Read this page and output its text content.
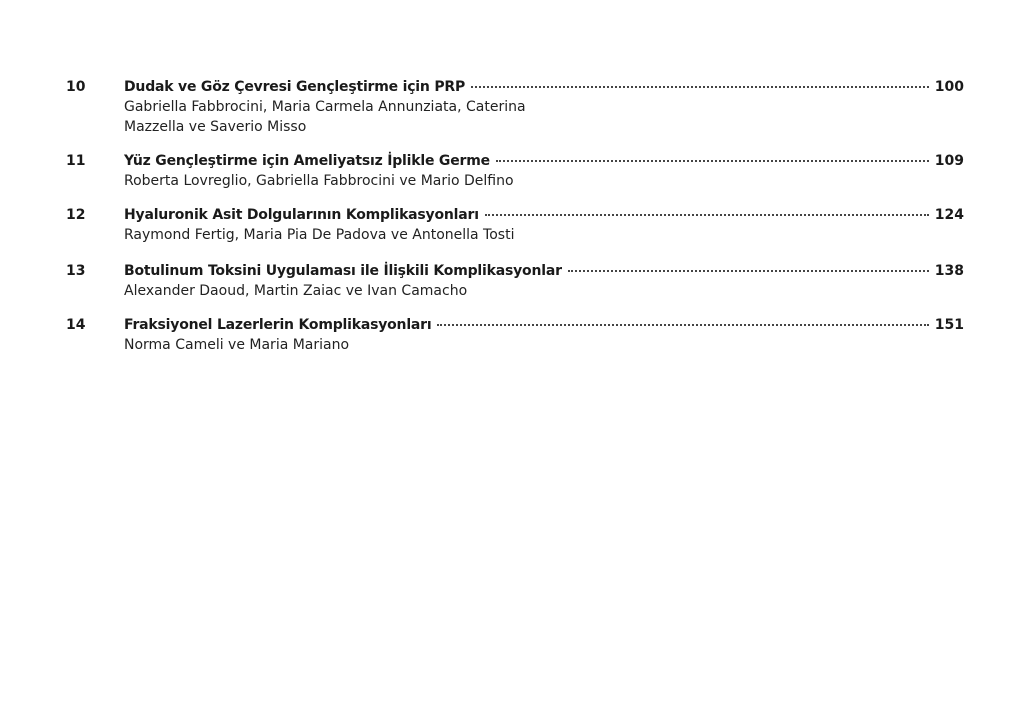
10	Dudak ve Göz Çevresi Gençleştirme için PRP	100
Gabriella Fabbrocini, Maria Carmela Annunziata, Caterina Mazzella ve Saverio Misso
11	Yüz Gençleştirme için Ameliyatsız İplikle Germe	109
Roberta Lovreglio, Gabriella Fabbrocini ve Mario Delfino
12	Hyaluronik Asit Dolgularının Komplikasyonları	124
Raymond Fertig, Maria Pia De Padova ve Antonella Tosti
13	Botulinum Toksini Uygulaması ile İlişkili Komplikasyonlar	138
Alexander Daoud, Martin Zaiac ve Ivan Camacho
14	Fraksiyonel Lazerlerin Komplikasyonları	151
Norma Cameli ve Maria Mariano
